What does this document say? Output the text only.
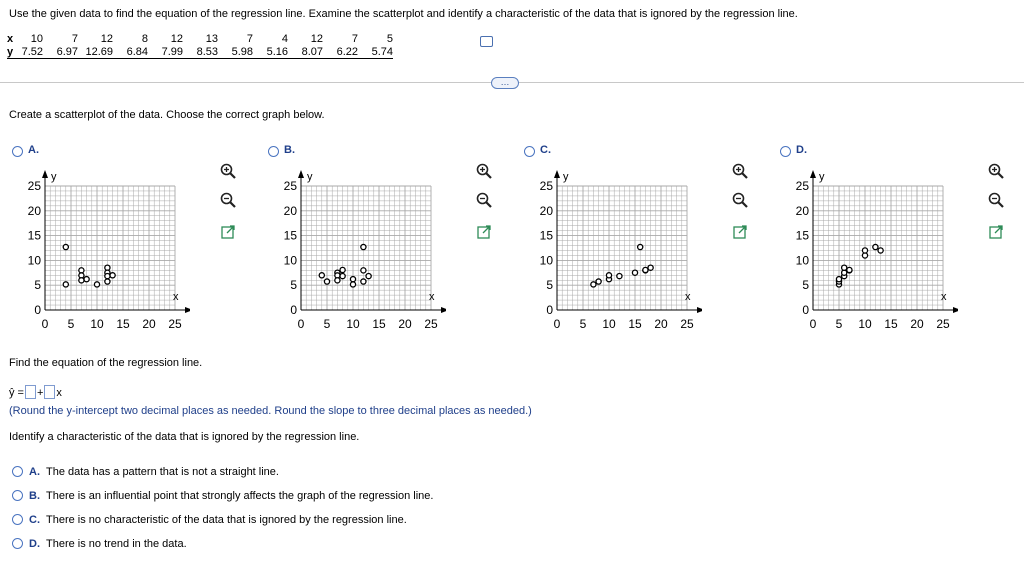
Use the given data to find the equation of the regression line. Examine the scatterplot and identify a characteristic of the data that is ignored by the regression line.
x	10	7	12	8	12	13	7	4	12	7	5
y	7.52	6.97	12.69	6.84	7.99	8.53	5.98	5.16	8.07	6.22	5.74
…
Create a scatterplot of the data. Choose the correct graph below.
A.
y
x
0 5 10 15 20 25
0
5
10
15
20
25
B.
y
x
0 5 10 15 20 25
0
5
10
15
20
25
C.
y
x
0 5 10 15 20 25
0
5
10
15
20
25
D.
y
x
0 5 10 15 20 25
0
5
10
15
20
25
Find the equation of the regression line.
ŷ = + x
(Round the y-intercept two decimal places as needed. Round the slope to three decimal places as needed.)
Identify a characteristic of the data that is ignored by the regression line.
A. The data has a pattern that is not a straight line.
B. There is an influential point that strongly affects the graph of the regression line.
C. There is no characteristic of the data that is ignored by the regression line.
D. There is no trend in the data.
